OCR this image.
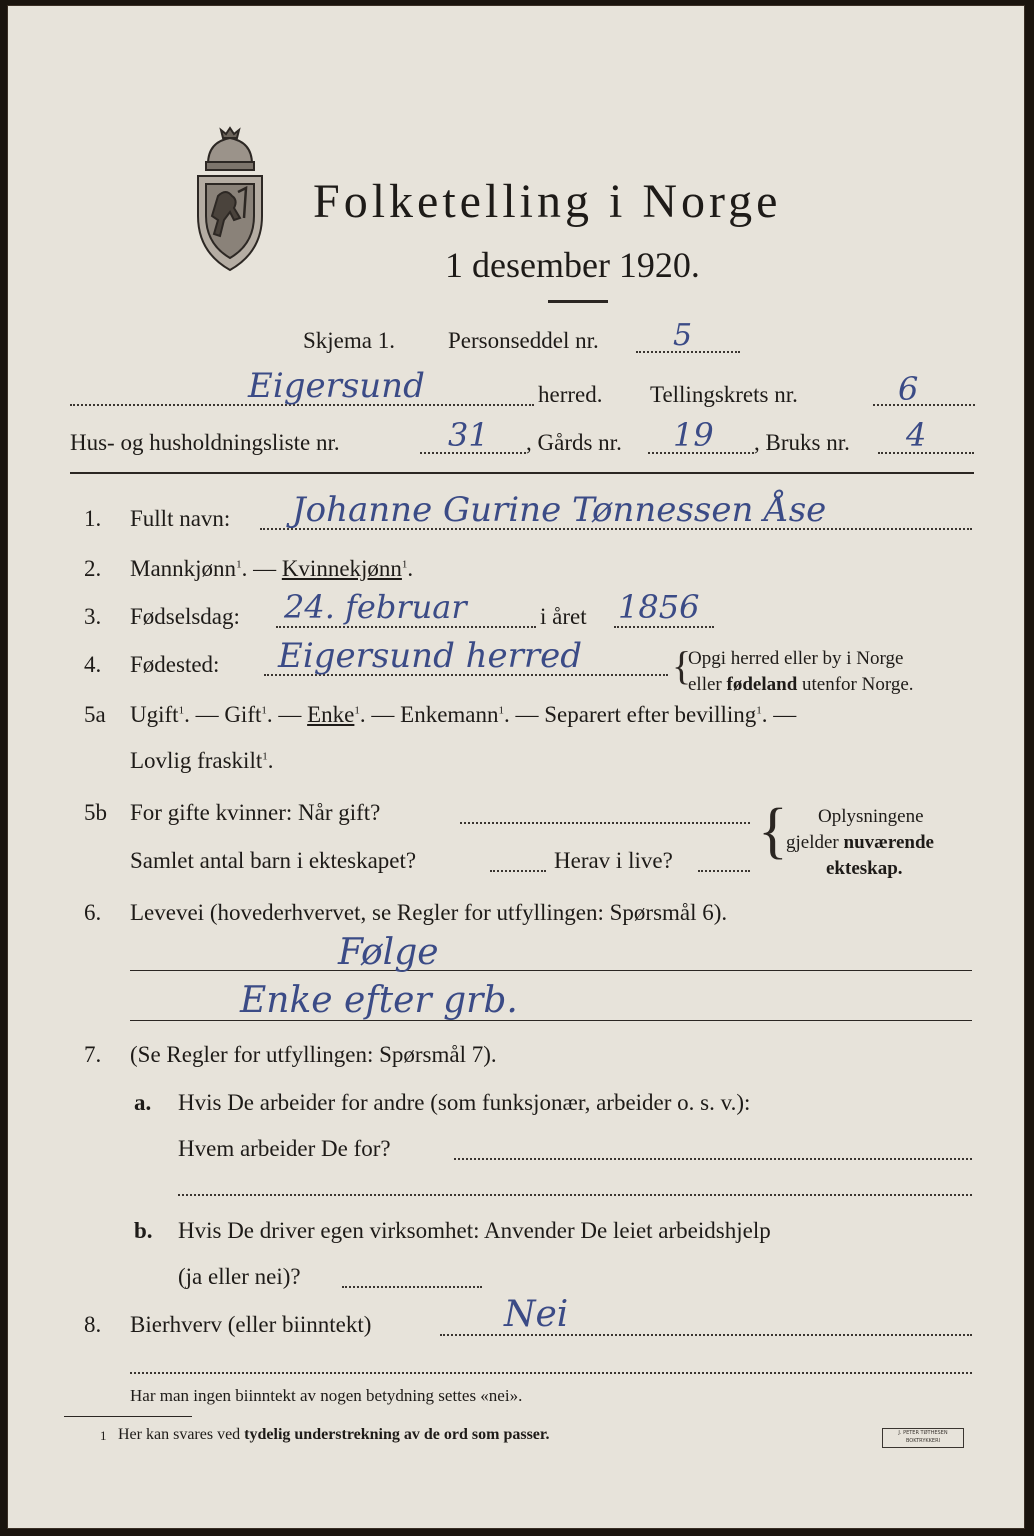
Folketelling i Norge
1 desember 1920.
Skjema 1. Personseddel nr. 5
Eigersund	herred. Tellingskrets nr.	6
Hus- og husholdningsliste nr.	31 , Gårds nr. 19 , Bruks nr. 4
1. Fullt navn: Johanne Gurine Tønnessen Åse
2. Mannkjønn$^1$. — Kvinnekjønn$^1$.
3. Fødselsdag: 24. februar	i året 1856
4. Fødested: Eigersund herred {
Opgi herred eller by i Norge
eller fødeland utenfor Norge.
5a Ugift$^1$. — Gift$^1$. — Enke$^1$. — Enkemann$^1$. — Separert efter bevilling$^1$. —
Lovlig fraskilt$^1$.
5b For gifte kvinner: Når gift?
Samlet antal barn i ekteskapet?	Herav i live? { Oplysningene
gjelder nuværende
ekteskap.
6. Levevei (hovederhvervet, se Regler for utfyllingen: Spørsmål 6).
Følge
Enke efter grb.
7. (Se Regler for utfyllingen: Spørsmål 7).
a. Hvis De arbeider for andre (som funksjonær, arbeider o. s. v.):
Hvem arbeider De for?
b. Hvis De driver egen virksomhet: Anvender De leiet arbeidshjelp
(ja eller nei)?
8. Bierhverv (eller biinntekt)	Nei
Har man ingen biinntekt av nogen betydning settes «nei».
1 Her kan svares ved tydelig understrekning av de ord som passer.	J. PETER TØTHESEN
BOKTRYKKERI
